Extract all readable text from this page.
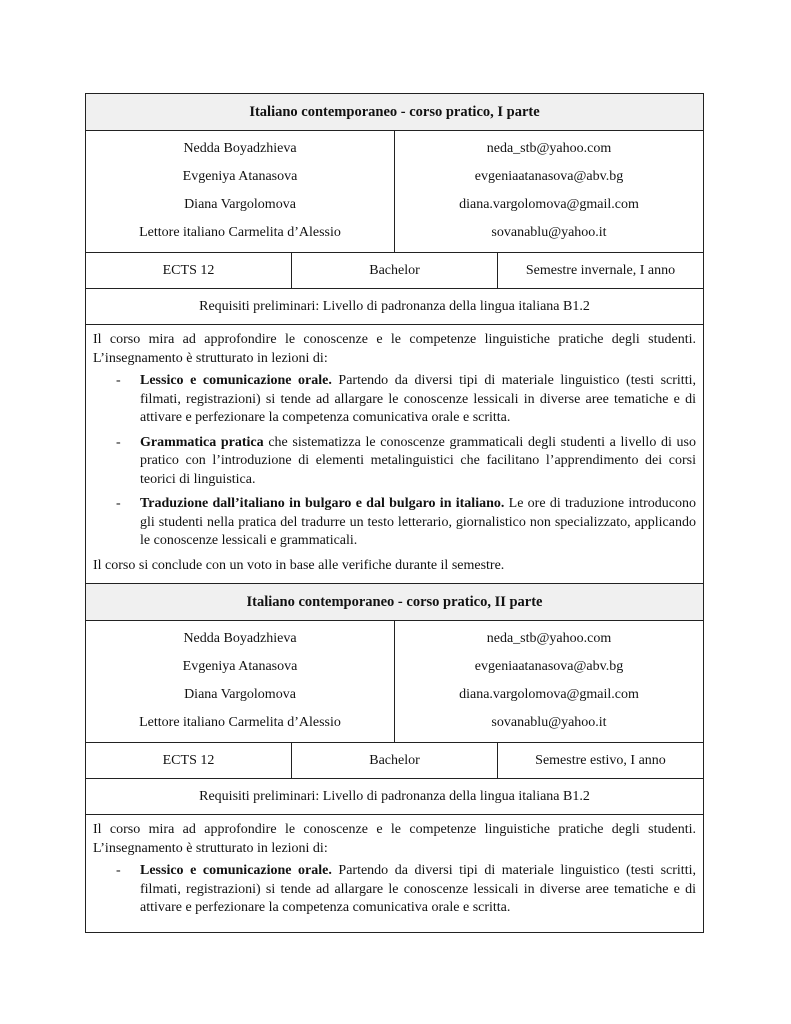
Italiano contemporaneo - corso pratico, I parte

Nedda Boyadzhieva
Evgeniya Atanasova
Diana Vargolomova
Lettore italiano Carmelita d’Alessio
neda_stb@yahoo.com
evgeniaatanasova@abv.bg
diana.vargolomova@gmail.com
sovanablu@yahoo.it

ECTS 12	Bachelor	Semestre invernale, I anno

Requisiti preliminari: Livello di padronanza della lingua italiana B1.2

Il corso mira ad approfondire le conoscenze e le competenze linguistiche pratiche degli studenti. L’insegnamento è strutturato in lezioni di:

- Lessico e comunicazione orale. Partendo da diversi tipi di materiale linguistico (testi scritti, filmati, registrazioni) si tende ad allargare le conoscenze lessicali in diverse aree tematiche e di attivare e perfezionare la competenza comunicativa orale e scritta.
- Grammatica pratica che sistematizza le conoscenze grammaticali degli studenti a livello di uso pratico con l’introduzione di elementi metalinguistici che facilitano l’apprendimento dei corsi teorici di linguistica.
- Traduzione dall’italiano in bulgaro e dal bulgaro in italiano. Le ore di traduzione introducono gli studenti nella pratica del tradurre un testo letterario, giornalistico non specializzato, applicando le conoscenze lessicali e grammaticali.

Il corso si conclude con un voto in base alle verifiche durante il semestre.

Italiano contemporaneo - corso pratico, II parte

Nedda Boyadzhieva
Evgeniya Atanasova
Diana Vargolomova
Lettore italiano Carmelita d’Alessio
neda_stb@yahoo.com
evgeniaatanasova@abv.bg
diana.vargolomova@gmail.com
sovanablu@yahoo.it

ECTS 12	Bachelor	Semestre estivo, I anno

Requisiti preliminari: Livello di padronanza della lingua italiana B1.2

Il corso mira ad approfondire le conoscenze e le competenze linguistiche pratiche degli studenti. L’insegnamento è strutturato in lezioni di:

- Lessico e comunicazione orale. Partendo da diversi tipi di materiale linguistico (testi scritti, filmati, registrazioni) si tende ad allargare le conoscenze lessicali in diverse aree tematiche e di attivare e perfezionare la competenza comunicativa orale e scritta.
